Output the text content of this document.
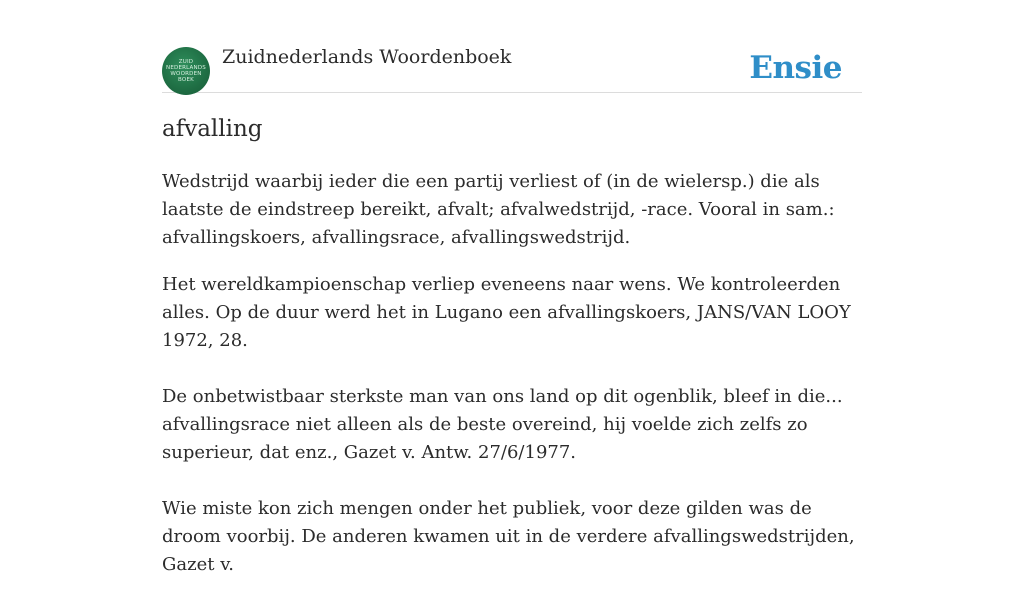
ZUID
NEDERLANDS
WOORDEN
BOEK
Zuidnederlands Woordenboek	Ensie
afvalling

Wedstrijd waarbij ieder die een partij verliest of (in de wielersp.) die als laatste de eindstreep bereikt, afvalt; afvalwedstrijd, -race. Vooral in sam.: afvallingskoers, afvallingsrace, afvallingswedstrijd.

Het wereldkampioenschap verliep eveneens naar wens. We kontroleerden alles. Op de duur werd het in Lugano een afvallingskoers, JANS/VAN LOOY 1972, 28.

De onbetwistbaar sterkste man van ons land op dit ogenblik, bleef in die... afvallingsrace niet alleen als de beste overeind, hij voelde zich zelfs zo superieur, dat enz., Gazet v. Antw. 27/6/1977.

Wie miste kon zich mengen onder het publiek, voor deze gilden was de droom voorbij. De anderen kwamen uit in de verdere afvallingswedstrijden, Gazet v.
